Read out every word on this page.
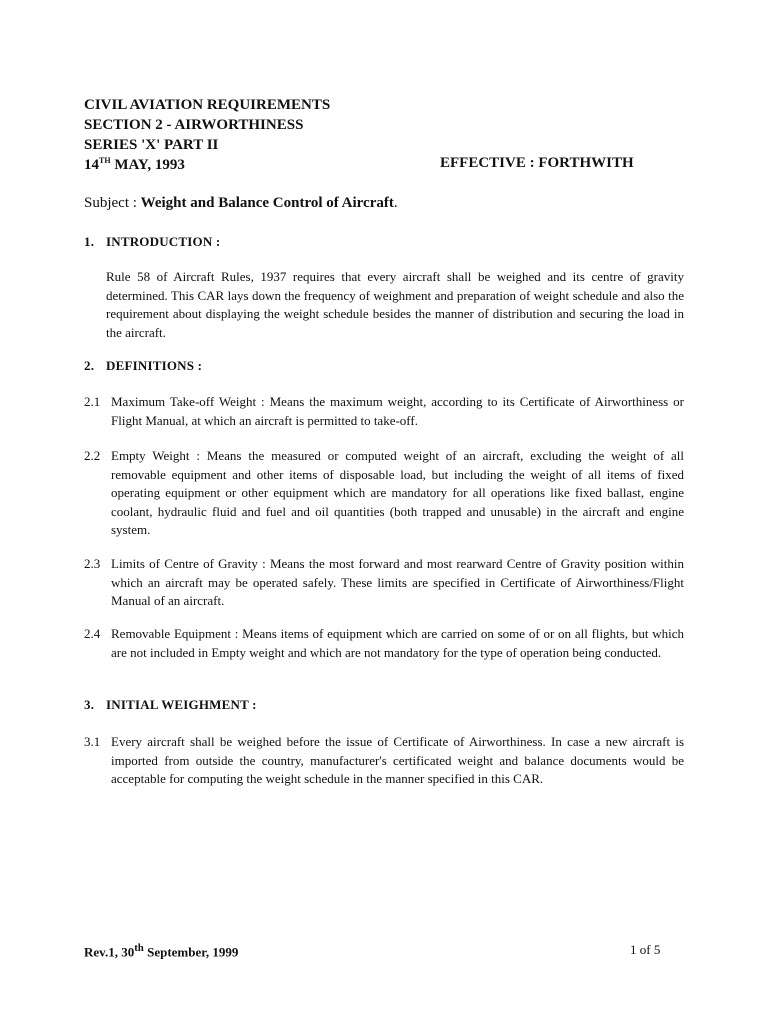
CIVIL AVIATION REQUIREMENTS
SECTION 2 - AIRWORTHINESS
SERIES 'X' PART II
14TH MAY, 1993	EFFECTIVE : FORTHWITH
Subject : Weight and Balance Control of Aircraft.
1. INTRODUCTION :
Rule 58 of Aircraft Rules, 1937 requires that every aircraft shall be weighed and its centre of gravity determined. This CAR lays down the frequency of weighment and preparation of weight schedule and also the requirement about displaying the weight schedule besides the manner of distribution and securing the load in the aircraft.
2. DEFINITIONS :
2.1 Maximum Take-off Weight : Means the maximum weight, according to its Certificate of Airworthiness or Flight Manual, at which an aircraft is permitted to take-off.
2.2 Empty Weight : Means the measured or computed weight of an aircraft, excluding the weight of all removable equipment and other items of disposable load, but including the weight of all items of fixed operating equipment or other equipment which are mandatory for all operations like fixed ballast, engine coolant, hydraulic fluid and fuel and oil quantities (both trapped and unusable) in the aircraft and engine system.
2.3 Limits of Centre of Gravity : Means the most forward and most rearward Centre of Gravity position within which an aircraft may be operated safely. These limits are specified in Certificate of Airworthiness/Flight Manual of an aircraft.
2.4 Removable Equipment : Means items of equipment which are carried on some of or on all flights, but which are not included in Empty weight and which are not mandatory for the type of operation being conducted.
3. INITIAL WEIGHMENT :
3.1 Every aircraft shall be weighed before the issue of Certificate of Airworthiness. In case a new aircraft is imported from outside the country, manufacturer's certificated weight and balance documents would be acceptable for computing the weight schedule in the manner specified in this CAR.
Rev.1, 30th September, 1999	1 of 5
